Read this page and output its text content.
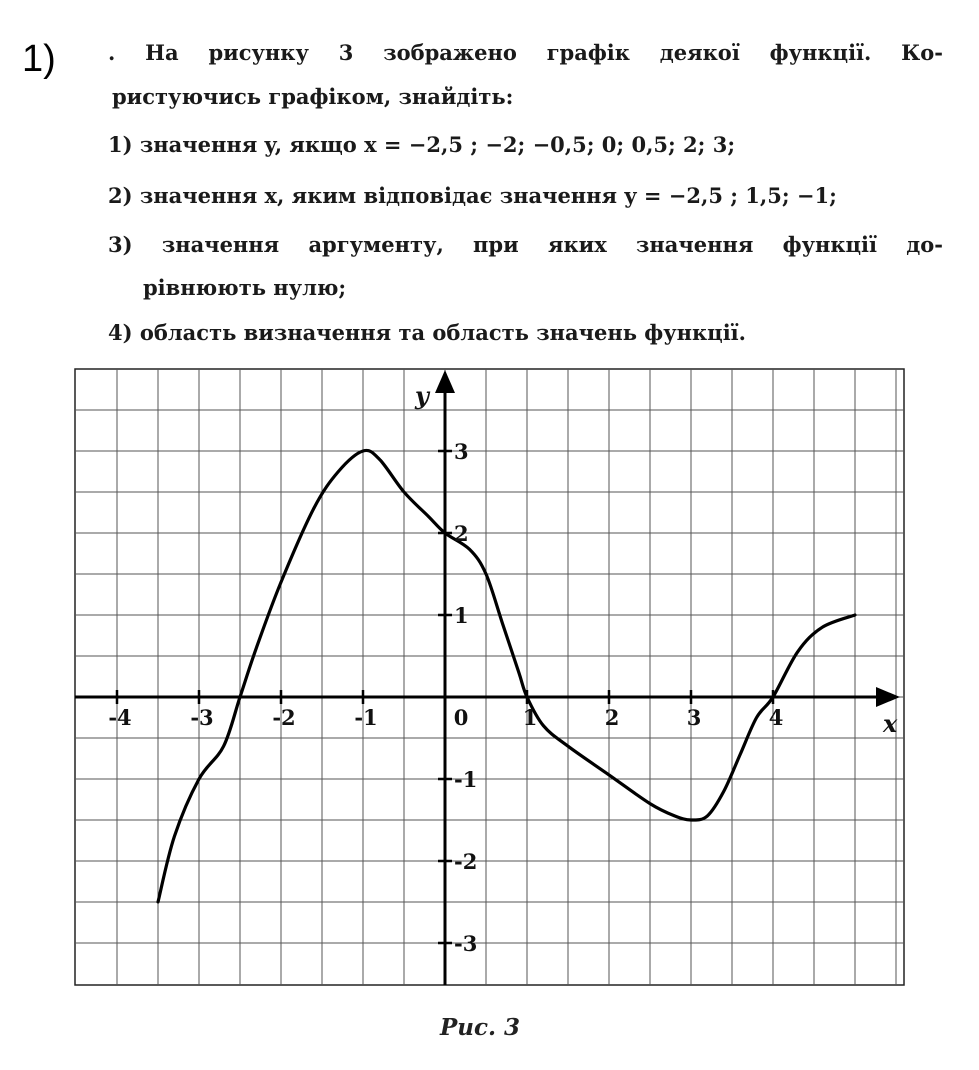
1) . На рисунку 3 зображено графік деякої функції. Ко-
ристуючись графіком, знайдіть:
1) значення y, якщо x = −2,5 ; −2; −0,5; 0; 0,5; 2; 3;
2) значення x, яким відповідає значення y = −2,5 ; 1,5; −1;
3) значення аргументу, при яких значення функції до-
рівнюють нулю;
4) область визначення та область значень функції.
-4	-3	-2	-1	0	1	2	3	4
3
2
1
-1
-2
-3
x
y
Рис. 3
